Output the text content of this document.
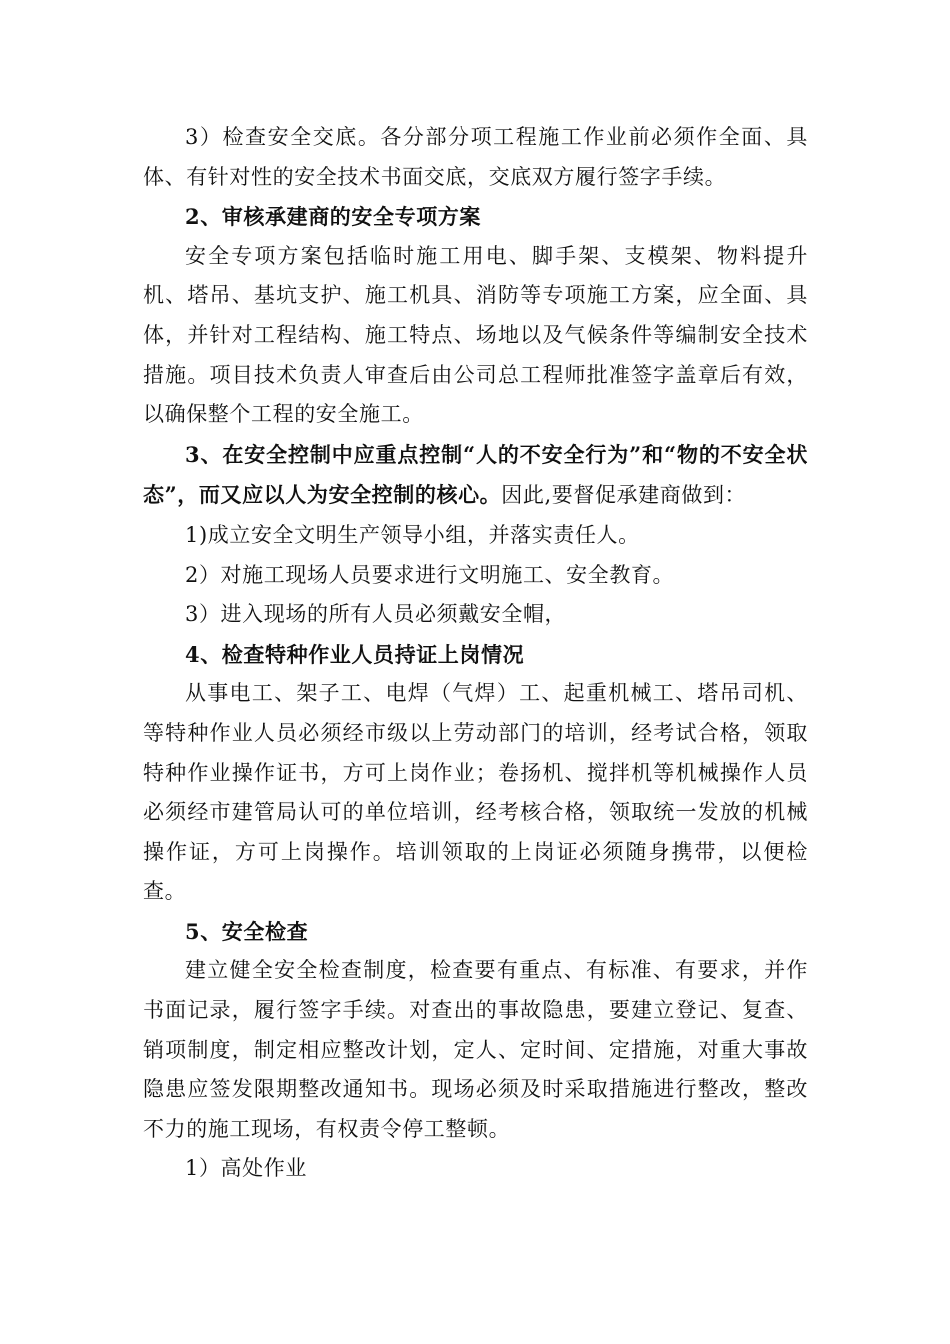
3）检查安全交底。各分部分项工程施工作业前必须作全面、具体、有针对性的安全技术书面交底，交底双方履行签字手续。

2、审核承建商的安全专项方案

安全专项方案包括临时施工用电、脚手架、支模架、物料提升机、塔吊、基坑支护、施工机具、消防等专项施工方案，应全面、具体，并针对工程结构、施工特点、场地以及气候条件等编制安全技术措施。项目技术负责人审查后由公司总工程师批准签字盖章后有效，以确保整个工程的安全施工。

3、在安全控制中应重点控制“人的不安全行为”和“物的不安全状态”，而又应以人为安全控制的核心。因此,要督促承建商做到：

1)成立安全文明生产领导小组，并落实责任人。

2）对施工现场人员要求进行文明施工、安全教育。

3）进入现场的所有人员必须戴安全帽，

4、检查特种作业人员持证上岗情况

从事电工、架子工、电焊（气焊）工、起重机械工、塔吊司机、等特种作业人员必须经市级以上劳动部门的培训，经考试合格，领取特种作业操作证书，方可上岗作业；卷扬机、搅拌机等机械操作人员必须经市建管局认可的单位培训，经考核合格，领取统一发放的机械操作证，方可上岗操作。培训领取的上岗证必须随身携带，以便检查。

5、安全检查

建立健全安全检查制度，检查要有重点、有标准、有要求，并作书面记录，履行签字手续。对查出的事故隐患，要建立登记、复查、销项制度，制定相应整改计划，定人、定时间、定措施，对重大事故隐患应签发限期整改通知书。现场必须及时采取措施进行整改，整改不力的施工现场，有权责令停工整顿。

1）高处作业
